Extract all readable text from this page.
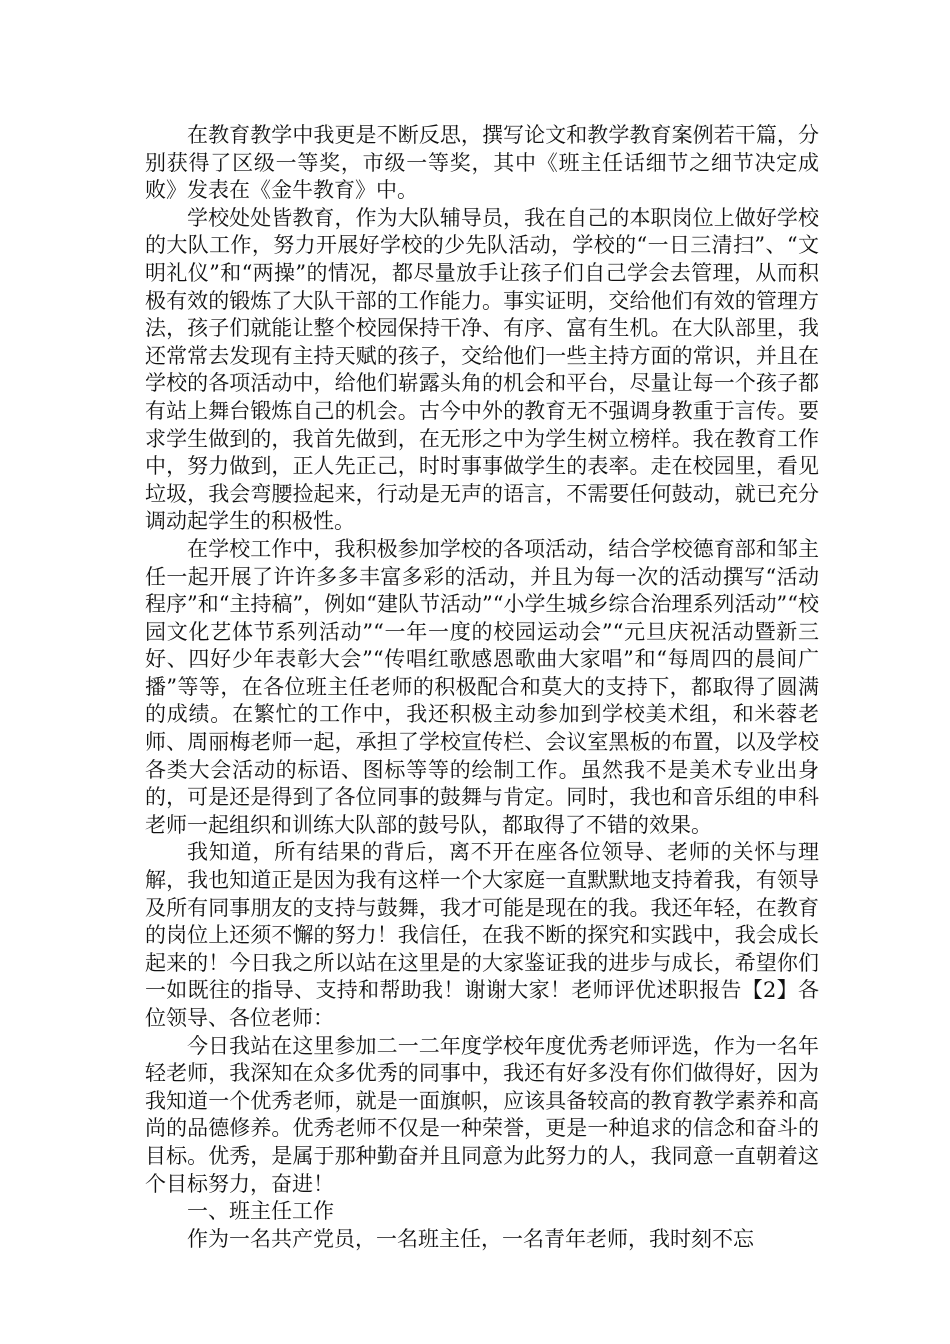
在教育教学中我更是不断反思，撰写论文和教学教育案例若干篇，分别获得了区级一等奖，市级一等奖，其中《班主任话细节之细节决定成败》发表在《金牛教育》中。

学校处处皆教育，作为大队辅导员，我在自己的本职岗位上做好学校的大队工作，努力开展好学校的少先队活动，学校的“一日三清扫”、“文明礼仪”和“两操”的情况，都尽量放手让孩子们自己学会去管理，从而积极有效的锻炼了大队干部的工作能力。事实证明，交给他们有效的管理方法，孩子们就能让整个校园保持干净、有序、富有生机。在大队部里，我还常常去发现有主持天赋的孩子，交给他们一些主持方面的常识，并且在学校的各项活动中，给他们崭露头角的机会和平台，尽量让每一个孩子都有站上舞台锻炼自己的机会。古今中外的教育无不强调身教重于言传。要求学生做到的，我首先做到，在无形之中为学生树立榜样。我在教育工作中，努力做到，正人先正己，时时事事做学生的表率。走在校园里，看见垃圾，我会弯腰捡起来，行动是无声的语言，不需要任何鼓动，就已充分调动起学生的积极性。

在学校工作中，我积极参加学校的各项活动，结合学校德育部和邹主任一起开展了许许多多丰富多彩的活动，并且为每一次的活动撰写“活动程序”和“主持稿”，例如“建队节活动”“小学生城乡综合治理系列活动”“校园文化艺体节系列活动”“一年一度的校园运动会”“元旦庆祝活动暨新三好、四好少年表彰大会”“传唱红歌感恩歌曲大家唱”和“每周四的晨间广播”等等，在各位班主任老师的积极配合和莫大的支持下，都取得了圆满的成绩。在繁忙的工作中，我还积极主动参加到学校美术组，和米蓉老师、周丽梅老师一起，承担了学校宣传栏、会议室黑板的布置，以及学校各类大会活动的标语、图标等等的绘制工作。虽然我不是美术专业出身的，可是还是得到了各位同事的鼓舞与肯定。同时，我也和音乐组的申科老师一起组织和训练大队部的鼓号队，都取得了不错的效果。

我知道，所有结果的背后，离不开在座各位领导、老师的关怀与理解，我也知道正是因为我有这样一个大家庭一直默默地支持着我，有领导及所有同事朋友的支持与鼓舞，我才可能是现在的我。我还年轻，在教育的岗位上还须不懈的努力！我信任，在我不断的探究和实践中，我会成长起来的！今日我之所以站在这里是的大家鉴证我的进步与成长，希望你们一如既往的指导、支持和帮助我！谢谢大家！老师评优述职报告【2】各位领导、各位老师：

今日我站在这里参加二一二年度学校年度优秀老师评选，作为一名年轻老师，我深知在众多优秀的同事中，我还有好多没有你们做得好，因为我知道一个优秀老师，就是一面旗帜，应该具备较高的教育教学素养和高尚的品德修养。优秀老师不仅是一种荣誉，更是一种追求的信念和奋斗的目标。优秀，是属于那种勤奋并且同意为此努力的人，我同意一直朝着这个目标努力，奋进！

一、班主任工作

作为一名共产党员，一名班主任，一名青年老师，我时刻不忘
